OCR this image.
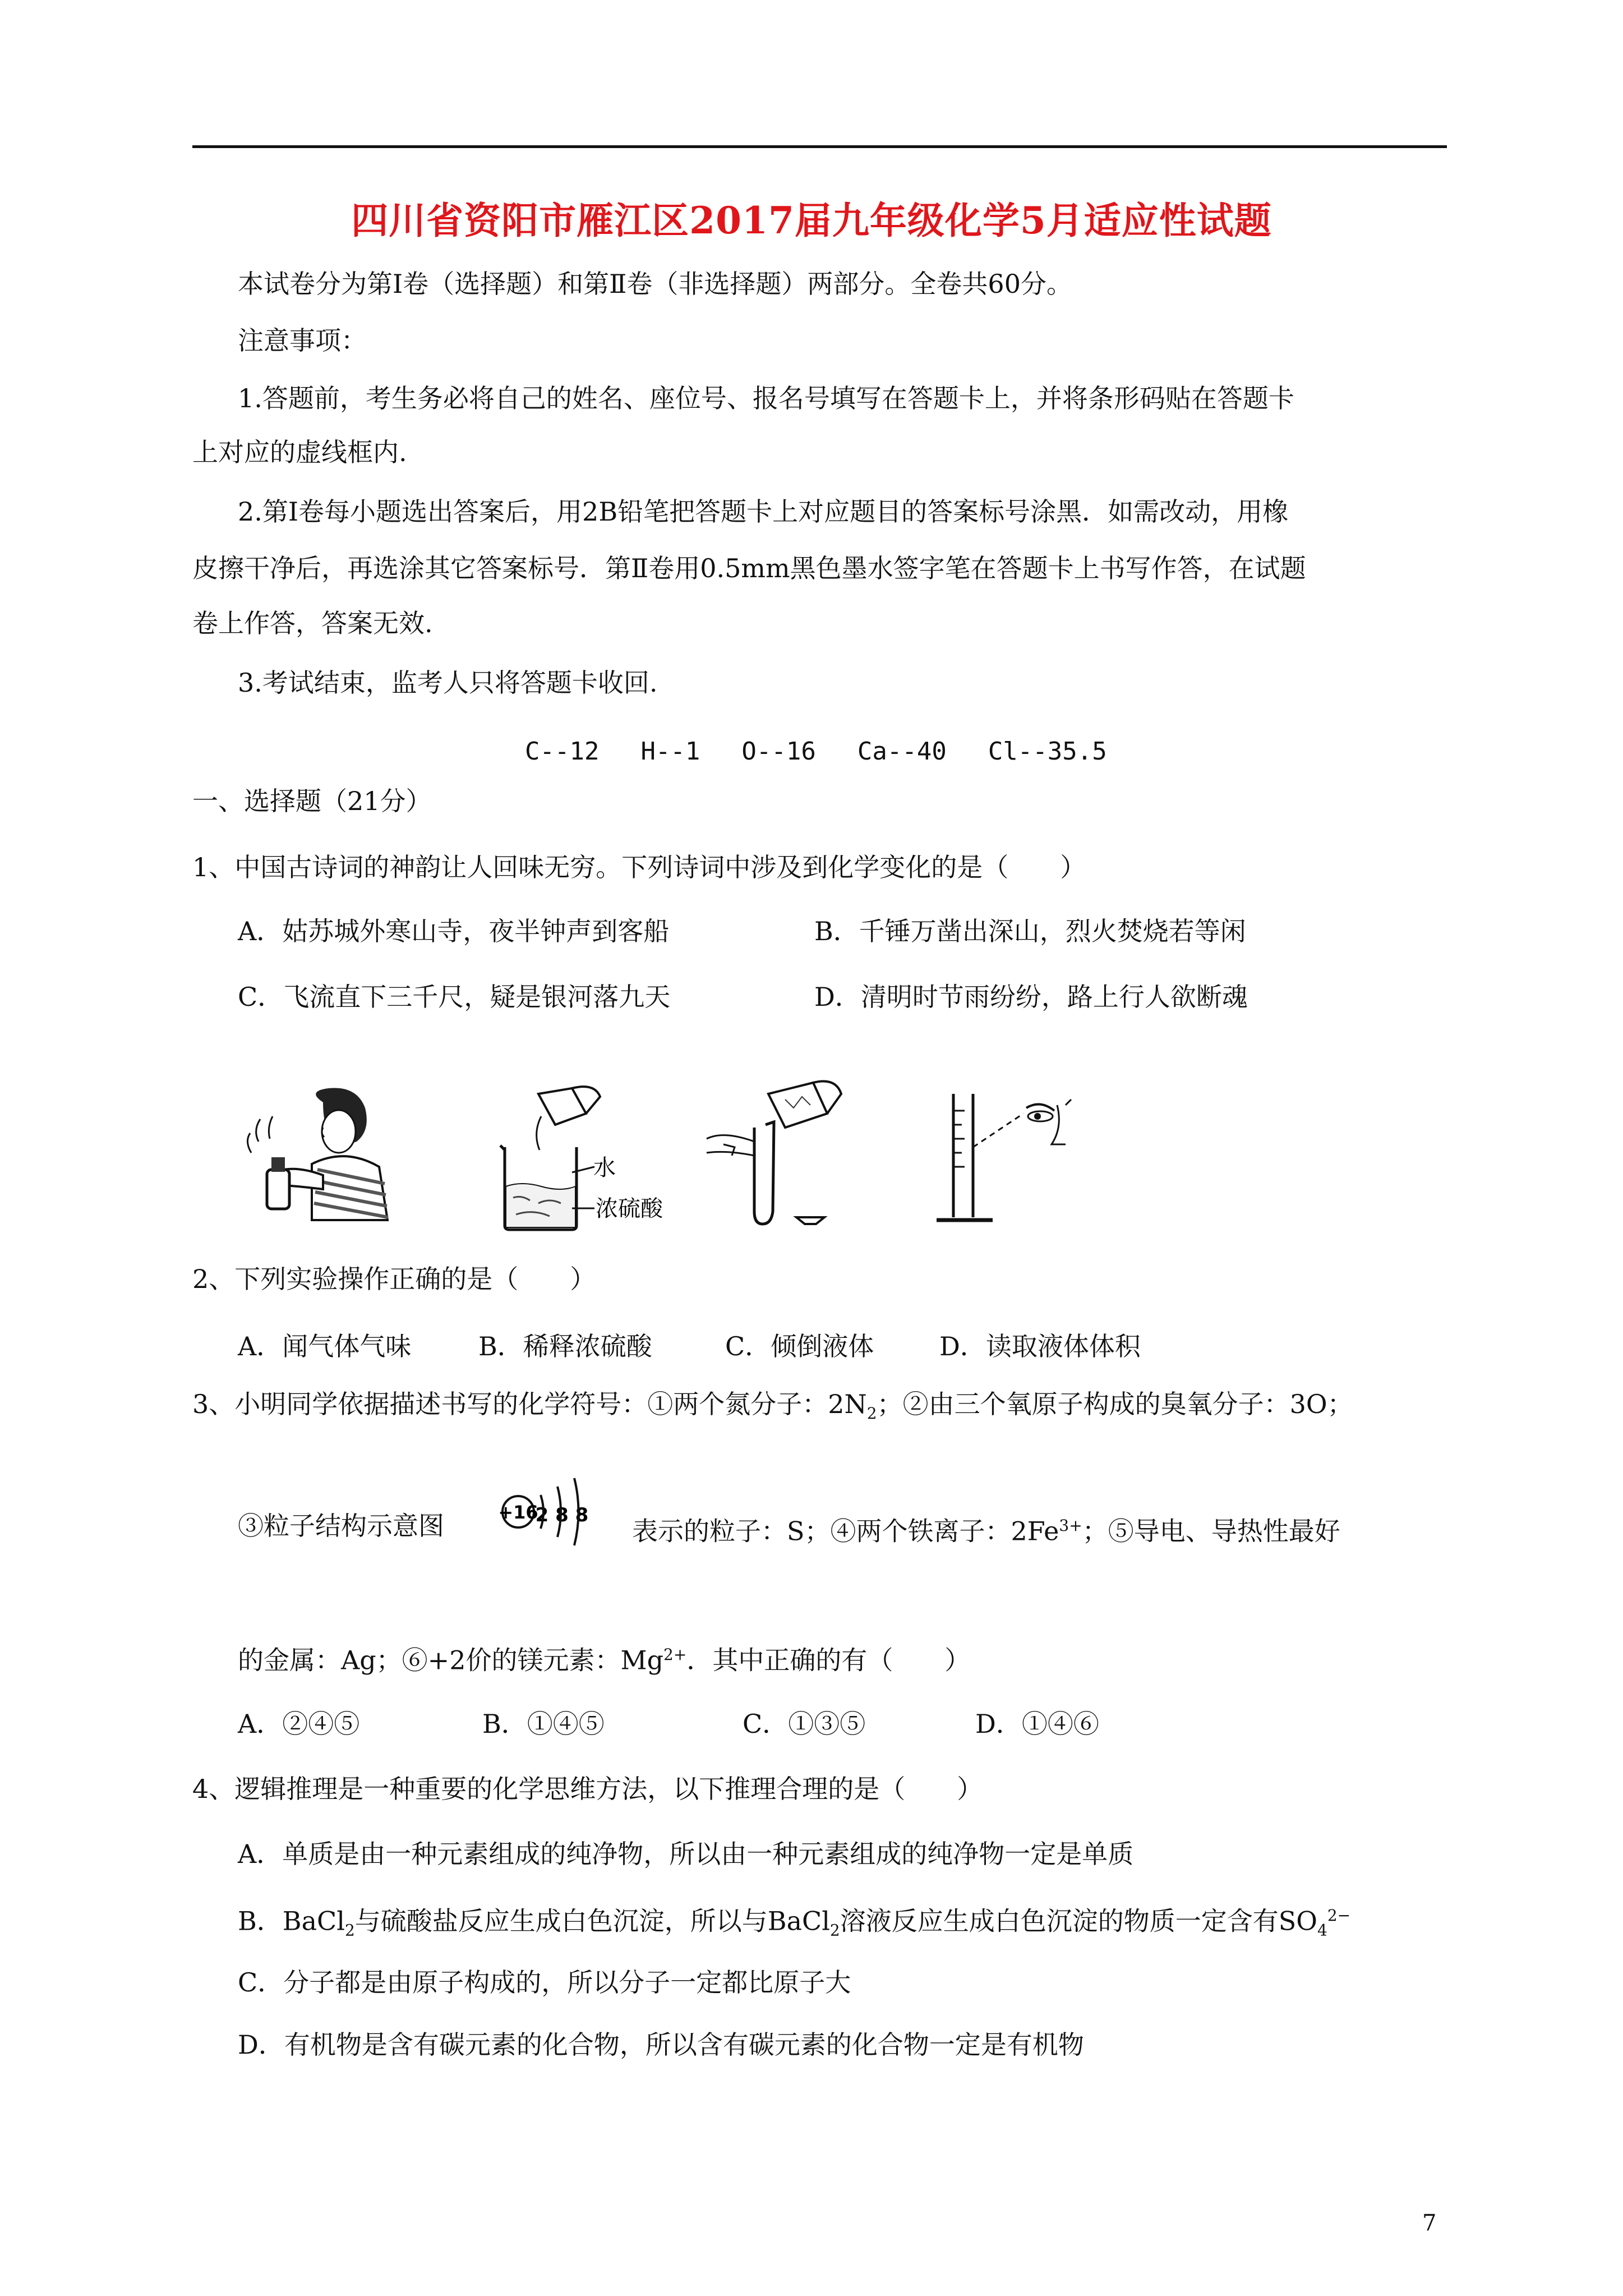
四川省资阳市雁江区2017届九年级化学5月适应性试题
本试卷分为第Ⅰ卷（选择题）和第Ⅱ卷（非选择题）两部分。全卷共60分。
注意事项：
1.答题前，考生务必将自己的姓名、座位号、报名号填写在答题卡上，并将条形码贴在答题卡
上对应的虚线框内.
2.第Ⅰ卷每小题选出答案后，用2B铅笔把答题卡上对应题目的答案标号涂黑．如需改动，用橡
皮擦干净后，再选涂其它答案标号．第Ⅱ卷用0.5mm黑色墨水签字笔在答题卡上书写作答，在试题
卷上作答，答案无效.
3.考试结束，监考人只将答题卡收回.
C--12 H--1 O--16 Ca--40 Cl--35.5
一、选择题（21分）
1、中国古诗词的神韵让人回味无穷。下列诗词中涉及到化学变化的是（　　）
A．姑苏城外寒山寺，夜半钟声到客船	B．千锤万凿出深山，烈火焚烧若等闲
C．飞流直下三千尺，疑是银河落九天	D．清明时节雨纷纷，路上行人欲断魂
水
浓硫酸
2、下列实验操作正确的是（　　）
A．闻气体气味	B．稀释浓硫酸	C．倾倒液体	D．读取液体体积
3、小明同学依据描述书写的化学符号：①两个氮分子：$2N_2$；②由三个氧原子构成的臭氧分子：3O；
③粒子结构示意图	+16
2 8 8
表示的粒子：S；④两个铁离子：$2Fe^{3+}$；⑤导电、导热性最好
的金属：Ag；⑥+2价的镁元素：$Mg^{2+}$．其中正确的有（　　）
A．②④⑤	B．①④⑤	C．①③⑤	D．①④⑥
4、逻辑推理是一种重要的化学思维方法，以下推理合理的是（　　）
A．单质是由一种元素组成的纯净物，所以由一种元素组成的纯净物一定是单质
B．BaCl$_2$与硫酸盐反应生成白色沉淀，所以与BaCl$_2$溶液反应生成白色沉淀的物质一定含有$SO_4^{2-}$
C．分子都是由原子构成的，所以分子一定都比原子大
D．有机物是含有碳元素的化合物，所以含有碳元素的化合物一定是有机物
7
